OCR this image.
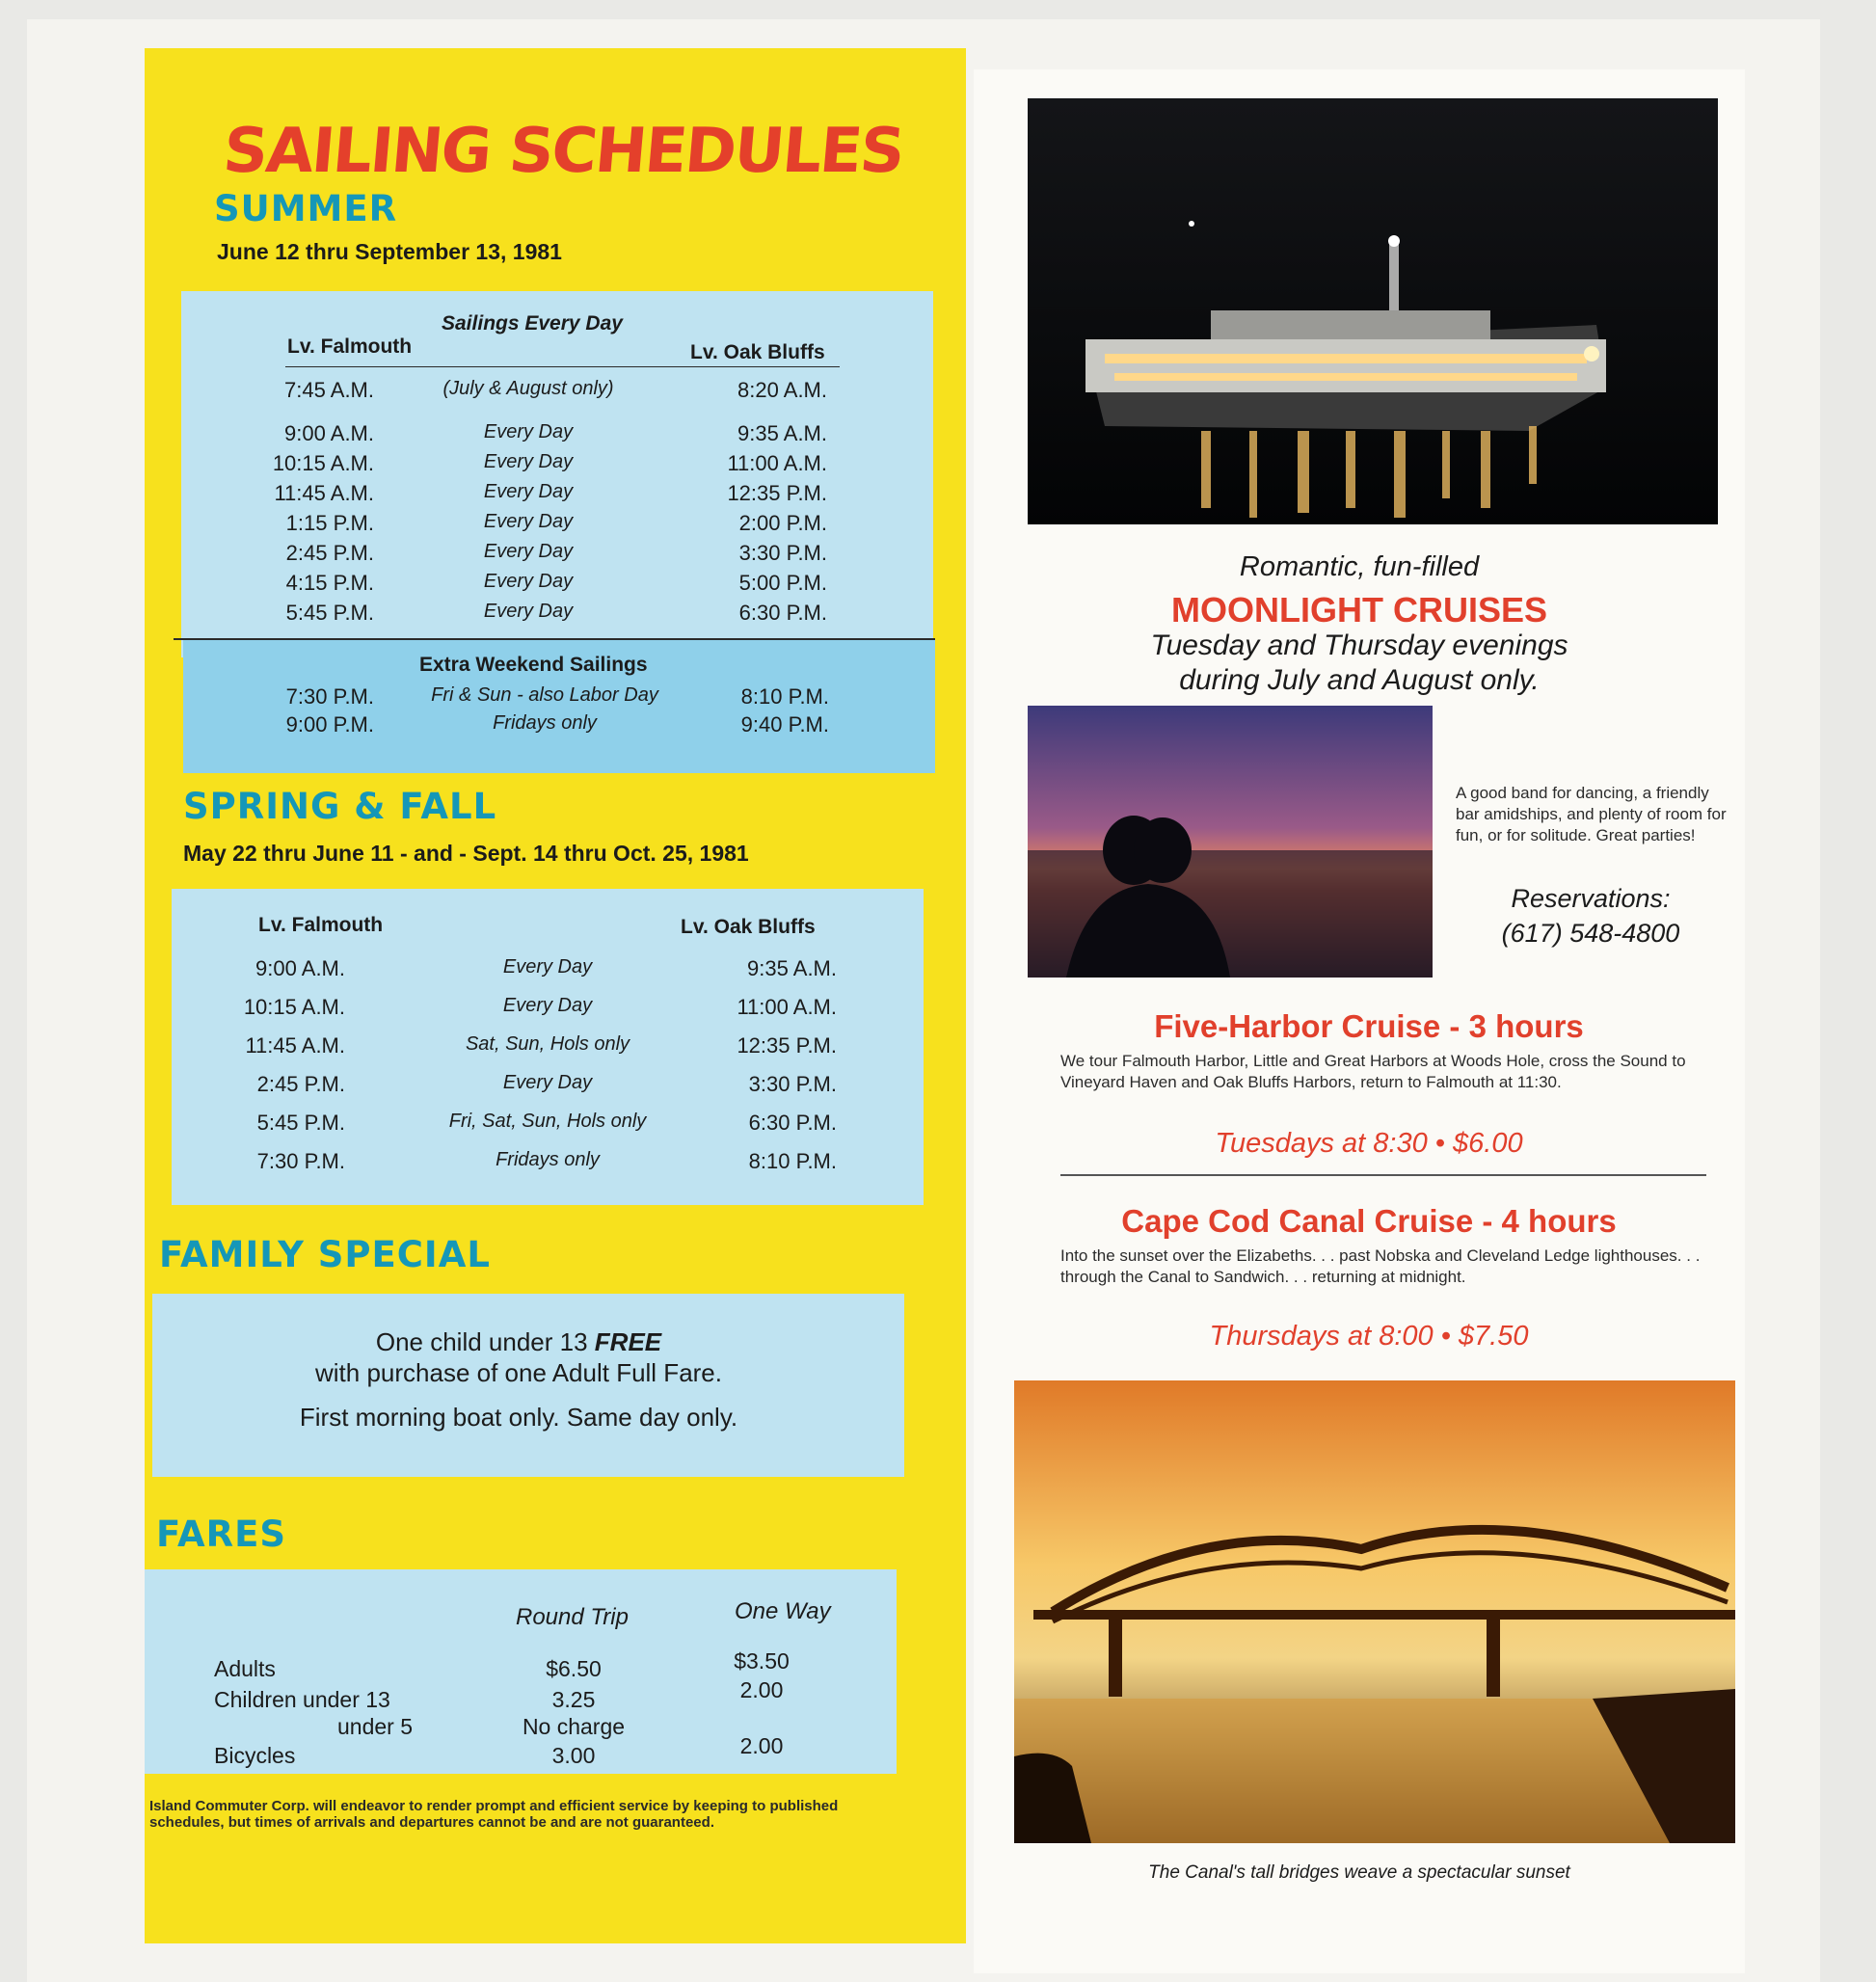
SAILING SCHEDULES
SUMMER
June 12 thru September 13, 1981
Sailings Every Day
Lv. Falmouth	Lv. Oak Bluffs
7:45 A.M.	(July & August only)	8:20 A.M.
9:00 A.M.	Every Day	9:35 A.M.
10:15 A.M.	Every Day	11:00 A.M.
11:45 A.M.	Every Day	12:35 P.M.
1:15 P.M.	Every Day	2:00 P.M.
2:45 P.M.	Every Day	3:30 P.M.
4:15 P.M.	Every Day	5:00 P.M.
5:45 P.M.	Every Day	6:30 P.M.
Extra Weekend Sailings
7:30 P.M.	Fri & Sun - also Labor Day	8:10 P.M.
9:00 P.M.	Fridays only	9:40 P.M.
SPRING & FALL
May 22 thru June 11 - and - Sept. 14 thru Oct. 25, 1981
Lv. Falmouth	Lv. Oak Bluffs
9:00 A.M.	Every Day	9:35 A.M.
10:15 A.M.	Every Day	11:00 A.M.
11:45 A.M.	Sat, Sun, Hols only	12:35 P.M.
2:45 P.M.	Every Day	3:30 P.M.
5:45 P.M.	Fri, Sat, Sun, Hols only	6:30 P.M.
7:30 P.M.	Fridays only	8:10 P.M.
FAMILY SPECIAL
One child under 13 FREE
with purchase of one Adult Full Fare.
First morning boat only. Same day only.
FARES
Round Trip	One Way
Adults	$6.50	$3.50
Children under 13	3.25	2.00
under 5	No charge
Bicycles	3.00	2.00
Island Commuter Corp. will endeavor to render prompt and efficient service by keeping to published schedules, but times of arrivals and departures cannot be and are not guaranteed.
Romantic, fun-filled
MOONLIGHT CRUISES
Tuesday and Thursday evenings
during July and August only.
A good band for dancing, a friendly bar amidships, and plenty of room for fun, or for solitude. Great parties!
Reservations:
(617) 548-4800
Five-Harbor Cruise - 3 hours
We tour Falmouth Harbor, Little and Great Harbors at Woods Hole, cross the Sound to Vineyard Haven and Oak Bluffs Harbors, return to Falmouth at 11:30.
Tuesdays at 8:30 • $6.00
Cape Cod Canal Cruise - 4 hours
Into the sunset over the Elizabeths. . . past Nobska and Cleveland Ledge lighthouses. . . through the Canal to Sandwich. . . returning at midnight.
Thursdays at 8:00 • $7.50
The Canal's tall bridges weave a spectacular sunset
